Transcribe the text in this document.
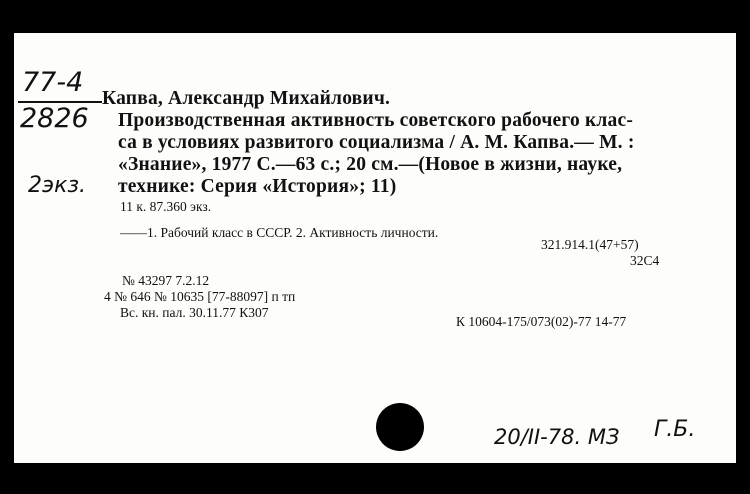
77-4
2826
2экз.
Капва, Александр Михайлович.
Производственная активность советского рабочего клас-
са в условиях развитого социализма / А. М. Капва.— М. :
«Знание», 1977 С.—63 с.; 20 см.—(Новое в жизни, науке,
технике: Серия «История»; 11)
11 к. 87.360 экз.
——1. Рабочий класс в СССР. 2. Активность личности.
321.914.1(47+57)
32С4
№ 43297 7.2.12
4 № 646 № 10635 [77-88097] п тп
Вс. кн. пал. 30.11.77 К307
К 10604-175/073(02)-77 14-77
20/II-78. МЗ Г.Б.
